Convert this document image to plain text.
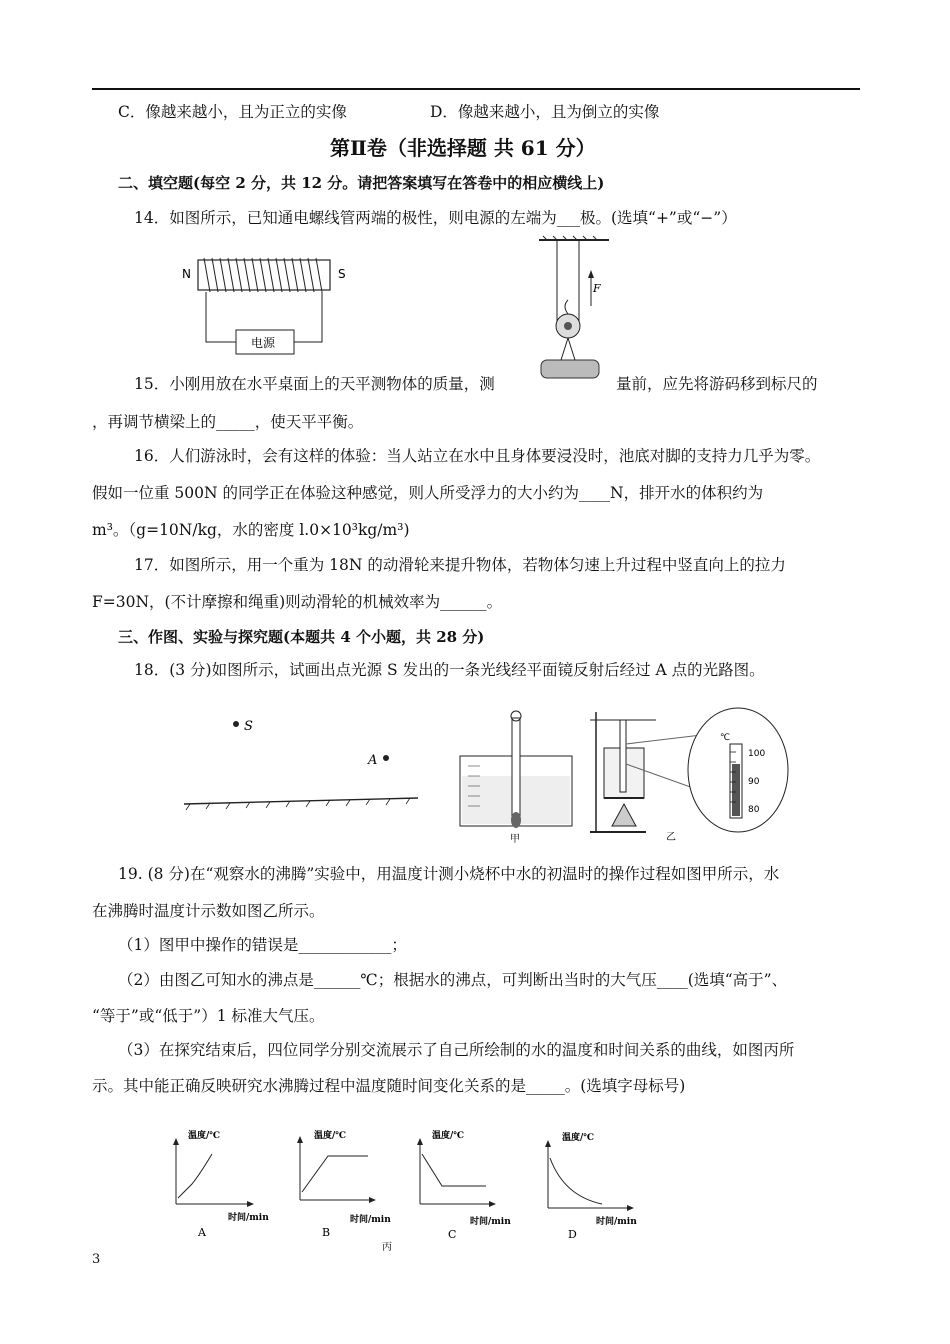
C．像越来越小，且为正立的实像	D．像越来越小，且为倒立的实像
第Ⅱ卷（非选择题 共 61 分）
二、填空题(每空 2 分，共 12 分。请把答案填写在答卷中的相应横线上)
14．如图所示，已知通电螺线管两端的极性，则电源的左端为___极。(选填“+”或“−”）
N	S
电源
F
15．小刚用放在水平桌面上的天平测物体的质量，测	量前，应先将游码移到标尺的
，再调节横梁上的_____，使天平平衡。
16．人们游泳时，会有这样的体验：当人站立在水中且身体要浸没时，池底对脚的支持力几乎为零。
假如一位重 500N 的同学正在体验这种感觉，则人所受浮力的大小约为____N，排开水的体积约为
m³。（g=10N/kg，水的密度 l.0×10³kg/m³)
17．如图所示，用一个重为 18N 的动滑轮来提升物体，若物体匀速上升过程中竖直向上的拉力
F=30N，(不计摩擦和绳重)则动滑轮的机械效率为______。
三、作图、实验与探究题(本题共 4 个小题，共 28 分)
18．(3 分)如图所示，试画出点光源 S 发出的一条光线经平面镜反射后经过 A 点的光路图。
S
A
甲	乙
℃
100
90
80
19. (8 分)在“观察水的沸腾”实验中，用温度计测小烧杯中水的初温时的操作过程如图甲所示，水
在沸腾时温度计示数如图乙所示。
（1）图甲中操作的错误是____________；
（2）由图乙可知水的沸点是______℃；根据水的沸点，可判断出当时的大气压____(选填“高于”、
“等于”或“低于”）1 标准大气压。
（3）在探究结束后，四位同学分别交流展示了自己所绘制的水的温度和时间关系的曲线，如图丙所
示。其中能正确反映研究水沸腾过程中温度随时间变化关系的是_____。(选填字母标号)
温度/℃
时间/min
A
温度/℃
时间/min
B
温度/℃
时间/min
C
温度/℃
时间/min
D
丙
3
